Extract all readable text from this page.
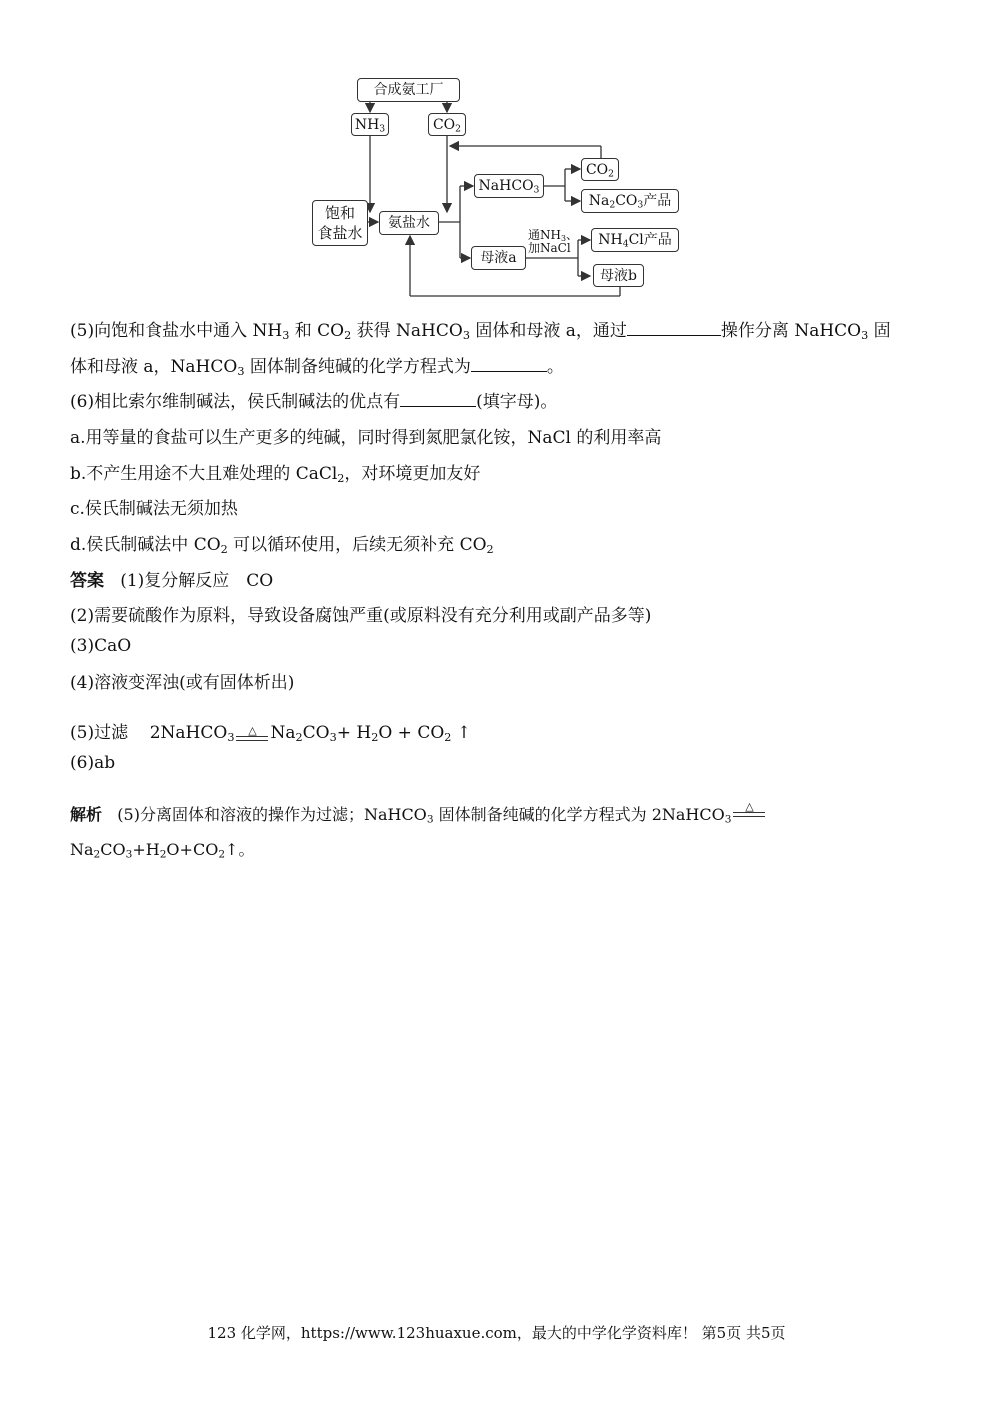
合成氨工厂
$NH_3$	$CO_2$
饱和
食盐水
氨盐水
NaHCO$_3$
$CO_2$
$Na_2CO_3$产品
母液a
通$NH_3$、
加NaCl	$NH_4Cl$产品
母液b
(5)向饱和食盐水中通入 $NH_3$ 和 $CO_2$ 获得 NaHCO$_3$ 固体和母液 a，通过	操作分离 NaHCO$_3$ 固
体和母液 a，NaHCO$_3$ 固体制备纯碱的化学方程式为	。
(6)相比索尔维制碱法，侯氏制碱法的优点有	(填字母)。
a.用等量的食盐可以生产更多的纯碱，同时得到氮肥氯化铵，NaCl 的利用率高
b.不产生用途不大且难处理的 CaCl$_2$，对环境更加友好
c.侯氏制碱法无须加热
d.侯氏制碱法中 $CO_2$ 可以循环使用，后续无须补充 $CO_2$
答案 (1)复分解反应　CO
(2)需要硫酸作为原料，导致设备腐蚀严重(或原料没有充分利用或副产品多等)
(3)CaO
(4)溶液变浑浊(或有固体析出)
(5)过滤 2NaHCO$_3$
△ $Na_2CO_3+ H_2O + CO_2$ ↑
(6)ab
解析 (5)分离固体和溶液的操作为过滤；NaHCO$_3$ 固体制备纯碱的化学方程式为 2NaHCO$_3$
△
$Na_2CO_3+H_2O+CO_2↑$。
123 化学网，https://www.123huaxue.com，最大的中学化学资料库！ 第5页 共5页
